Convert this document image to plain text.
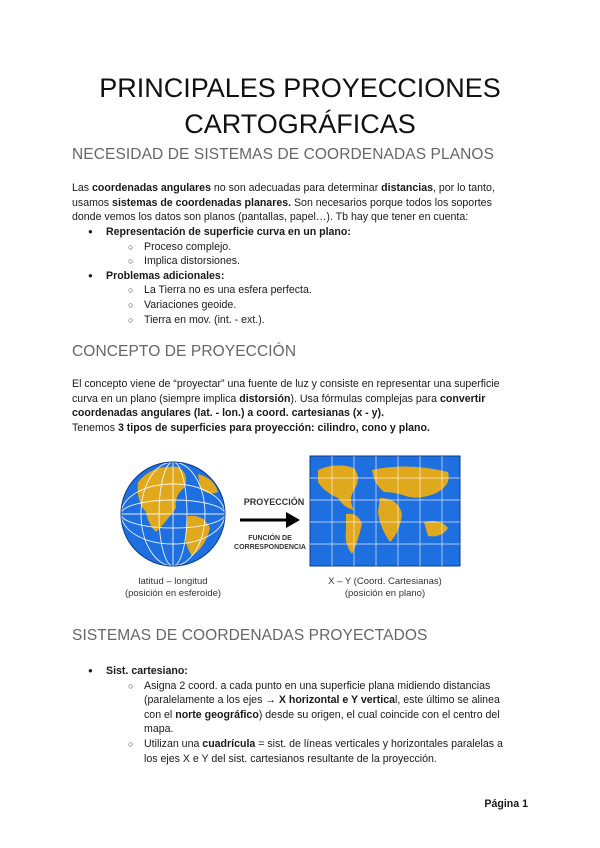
PRINCIPALES PROYECCIONES
CARTOGRÁFICAS
NECESIDAD DE SISTEMAS DE COORDENADAS PLANOS

Las coordenadas angulares no son adecuadas para determinar distancias, por lo tanto,
usamos sistemas de coordenadas planares. Son necesarios porque todos los soportes
donde vemos los datos son planos (pantallas, papel…). Tb hay que tener en cuenta:

● Representación de superficie curva en un plano:
○ Proceso complejo.
○ Implica distorsiones.
● Problemas adicionales:
○ La Tierra no es una esfera perfecta.
○ Variaciones geoide.
○ Tierra en mov. (int. - ext.).
CONCEPTO DE PROYECCIÓN

El concepto viene de “proyectar” una fuente de luz y consiste en representar una superficie
curva en un plano (siempre implica distorsión). Usa fórmulas complejas para convertir
coordenadas angulares (lat. - lon.) a coord. cartesianas (x - y).
Tenemos 3 tipos de superficies para proyección: cilindro, cono y plano.

PROYECCIÓN
FUNCIÓN DE
CORRESPONDENCIA
latitud – longitud
(posición en esferoide)
X – Y (Coord. Cartesianas)
(posición en plano)
SISTEMAS DE COORDENADAS PROYECTADOS
● Sist. cartesiano:
○ Asigna 2 coord. a cada punto en una superficie plana midiendo distancias
(paralelamente a los ejes → X horizontal e Y vertical, este último se alinea
con el norte geográfico) desde su origen, el cual coincide con el centro del
mapa.
○ Utilizan una cuadrícula = sist. de líneas verticales y horizontales paralelas a
los ejes X e Y del sist. cartesianos resultante de la proyección.
Página 1
